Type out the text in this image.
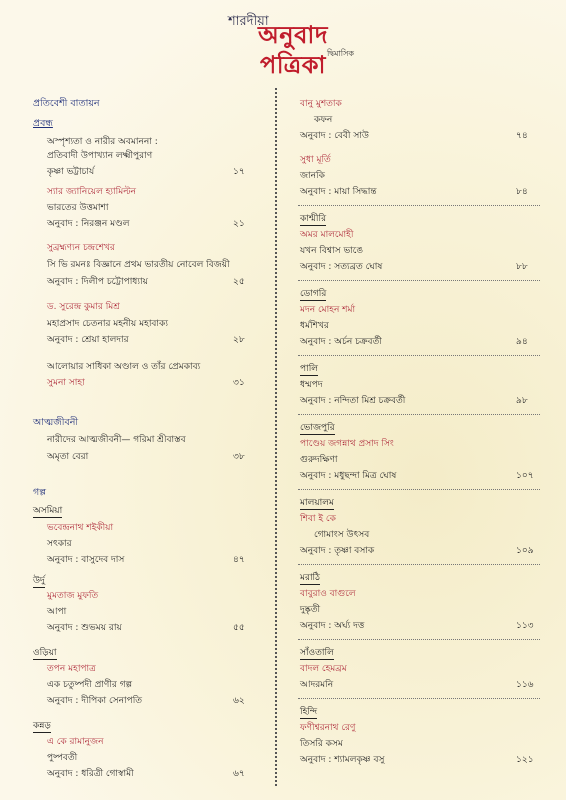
শারদীয়া
অনুবাদ পত্রিকা দ্বিমাসিক
প্রতিবেশী বাতায়ন
প্রবন্ধ
অস্পৃশ্যতা ও নারীর অবমাননা :
প্রতিবাদী উপাখ্যান লক্ষ্মীপুরাণ
কৃষ্ণা ভট্টাচার্য	১৭
স্যার জ্যানিয়েল হ্যামিল্টন
ভারতের উত্তমাশা
অনুবাদ : নিরঞ্জন মণ্ডল	২১
সুব্রহ্মণ্যন চন্দ্রশেখর
সি ভি রমনঃ বিজ্ঞানে প্রথম ভারতীয় নোবেল বিজয়ী
অনুবাদ : দিলীপ চট্টোপাধ্যায়	২৫
ড. সুরেন্দ্র কুমার মিশ্র
মহাপ্রসাদ চেতনার মহনীয় মহাবাক্য
অনুবাদ : শ্রেয়া হালদার	২৮
আলোয়ার সাধিকা অণ্ডাল ও তাঁর প্রেমকাব্য
সুমনা সাহা	৩১
আত্মজীবনী
নারীদের আত্মজীবনী— গরিমা শ্রীবাস্তব
অমৃতা বেরা	৩৮
গল্প
অসমিয়া
ভবেন্দ্রনাথ শইকীয়া
সৎকার
অনুবাদ : বাসুদেব দাস	৪৭
উর্দু
মুমতাজ মুফতি
আপা
অনুবাদ : শুভময় রায়	৫৫
ওড়িয়া
তপন মহাপাত্র
এক চতুষ্পদী প্রাণীর গল্প
অনুবাদ : দীপিকা সেনাপতি	৬২
কন্নড়
এ কে রামানুজন
পুষ্পবতী
অনুবাদ : ধরিত্রী গোস্বামী	৬৭
বানু মুশতাক
কফন
অনুবাদ : বেবী সাউ	৭৪
সুধা মূর্তি
জানকি
অনুবাদ : মায়া সিদ্ধান্ত	৮৪
কাশ্মীরি
অমর মালমোহী
যখন বিশ্বাস ভাঙে
অনুবাদ : সত্যব্রত ঘোষ	৮৮
ডোগরি
মদন মোহন শর্মা
ধর্মশিখর
অনুবাদ : অর্চন চক্রবর্তী	৯৪
পালি
ধম্মপদ
অনুবাদ : নন্দিতা মিশ্র চক্রবর্তী	৯৮
ভোজপুরি
পাণ্ডেয় জগন্নাথ প্রসাদ সিং
গুরুদক্ষিণা
অনুবাদ : মধুছন্দা মিত্র ঘোষ	১০৭
মালয়ালম
শিবা ই কে
গোমাংস উৎসব
অনুবাদ : তৃষ্ণা বসাক	১০৯
মরাঠি
বাবুরাও বাগুলে
দুষ্কৃতী
অনুবাদ : অর্ঘ্য দত্ত	১১৩
সাঁওতালি
বাদল হেমব্রম
আদরমনি	১১৬
হিন্দি
ফণীশ্বরনাথ রেণু
তিসরি কসম
অনুবাদ : শ্যামলকৃষ্ণ বসু	১২১
